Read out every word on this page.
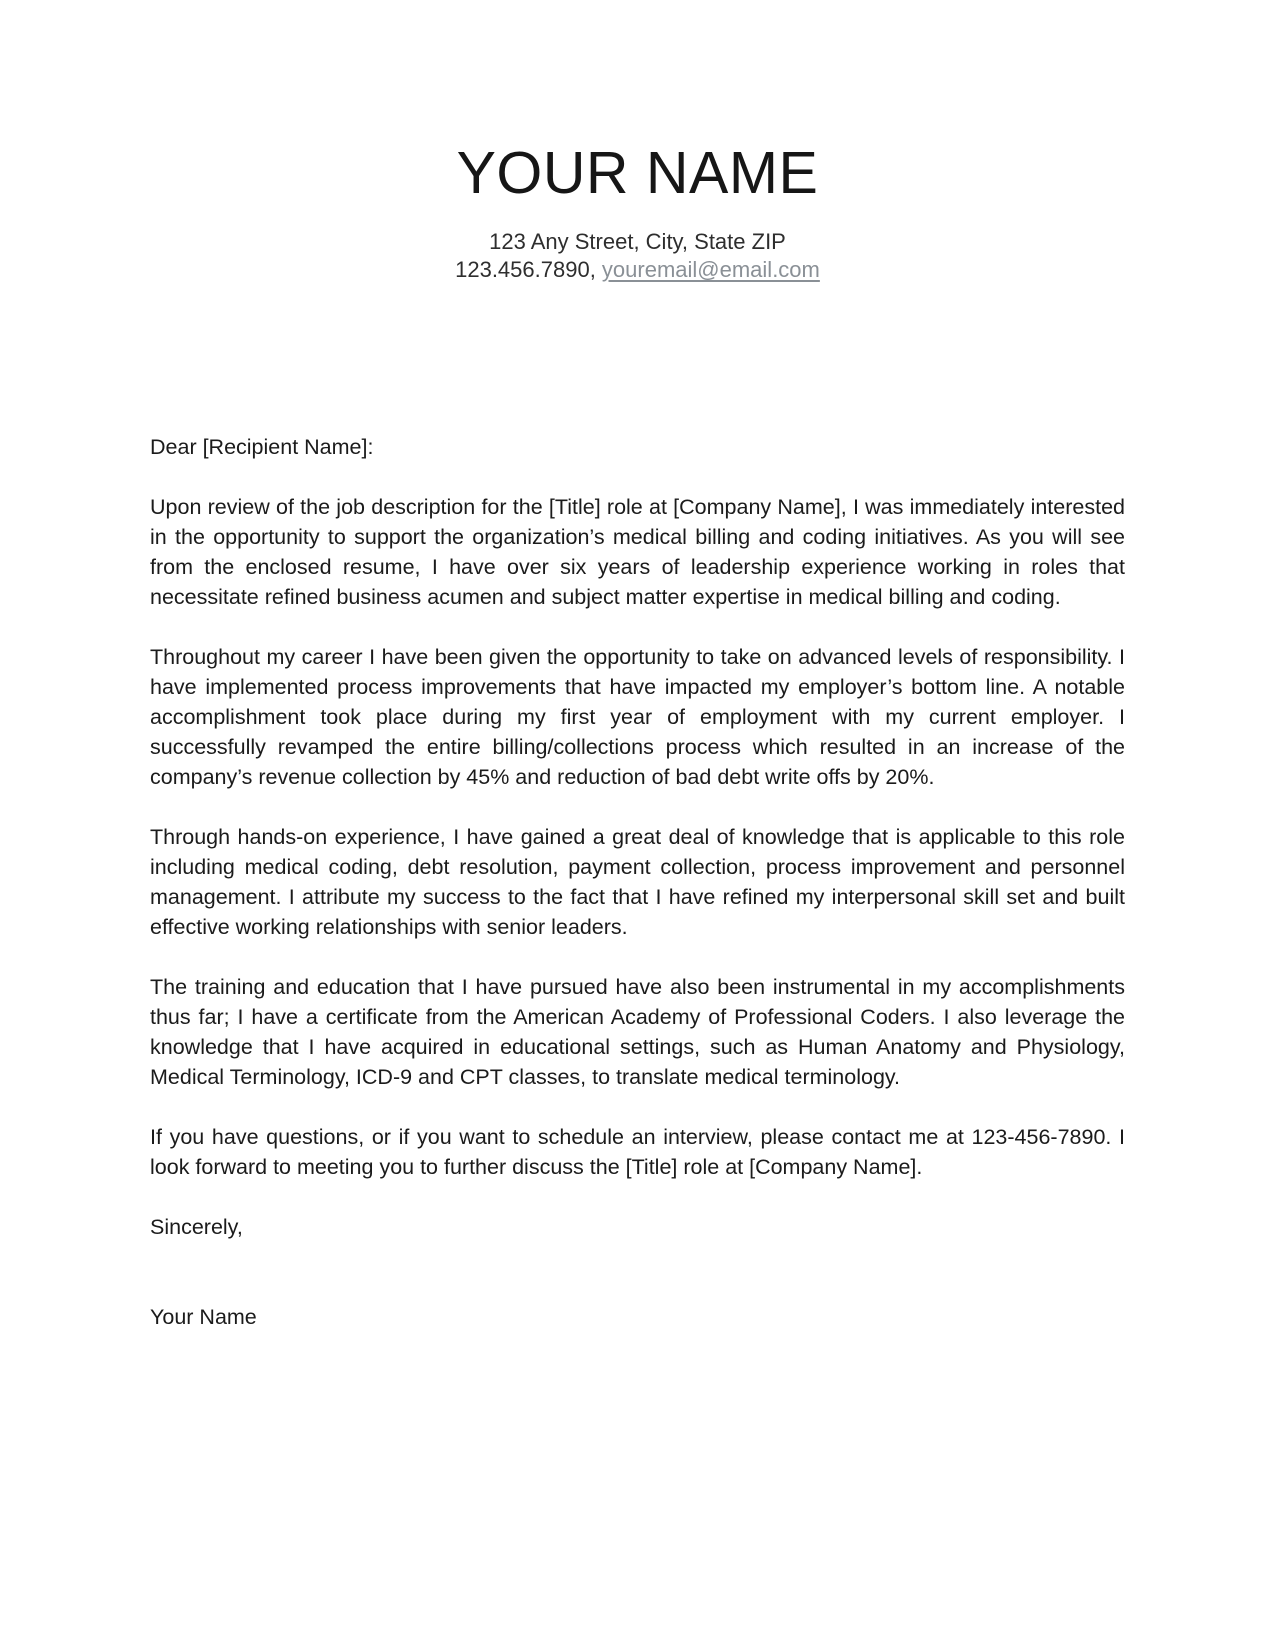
YOUR NAME
123 Any Street, City, State ZIP
123.456.7890, youremail@email.com

Dear [Recipient Name]:

Upon review of the job description for the [Title] role at [Company Name], I was immediately interested in the opportunity to support the organization’s medical billing and coding initiatives. As you will see from the enclosed resume, I have over six years of leadership experience working in roles that necessitate refined business acumen and subject matter expertise in medical billing and coding.

Throughout my career I have been given the opportunity to take on advanced levels of responsibility. I have implemented process improvements that have impacted my employer’s bottom line. A notable accomplishment took place during my first year of employment with my current employer. I successfully revamped the entire billing/collections process which resulted in an increase of the company’s revenue collection by 45% and reduction of bad debt write offs by 20%.

Through hands-on experience, I have gained a great deal of knowledge that is applicable to this role including medical coding, debt resolution, payment collection, process improvement and personnel management. I attribute my success to the fact that I have refined my interpersonal skill set and built effective working relationships with senior leaders.

The training and education that I have pursued have also been instrumental in my accomplishments thus far; I have a certificate from the American Academy of Professional Coders. I also leverage the knowledge that I have acquired in educational settings, such as Human Anatomy and Physiology, Medical Terminology, ICD-9 and CPT classes, to translate medical terminology.

If you have questions, or if you want to schedule an interview, please contact me at 123-456-7890. I look forward to meeting you to further discuss the [Title] role at [Company Name].

Sincerely,

Your Name
